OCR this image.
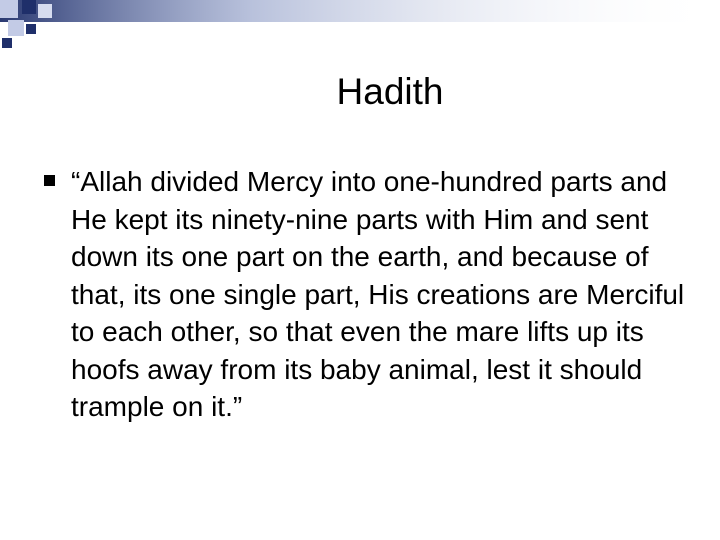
Hadith
“Allah divided Mercy into one-hundred parts and He kept its ninety-nine parts with Him and sent down its one part on the earth, and because of that, its one single part, His creations are Merciful to each other, so that even the mare lifts up its hoofs away from its baby animal, lest it should trample on it.”
